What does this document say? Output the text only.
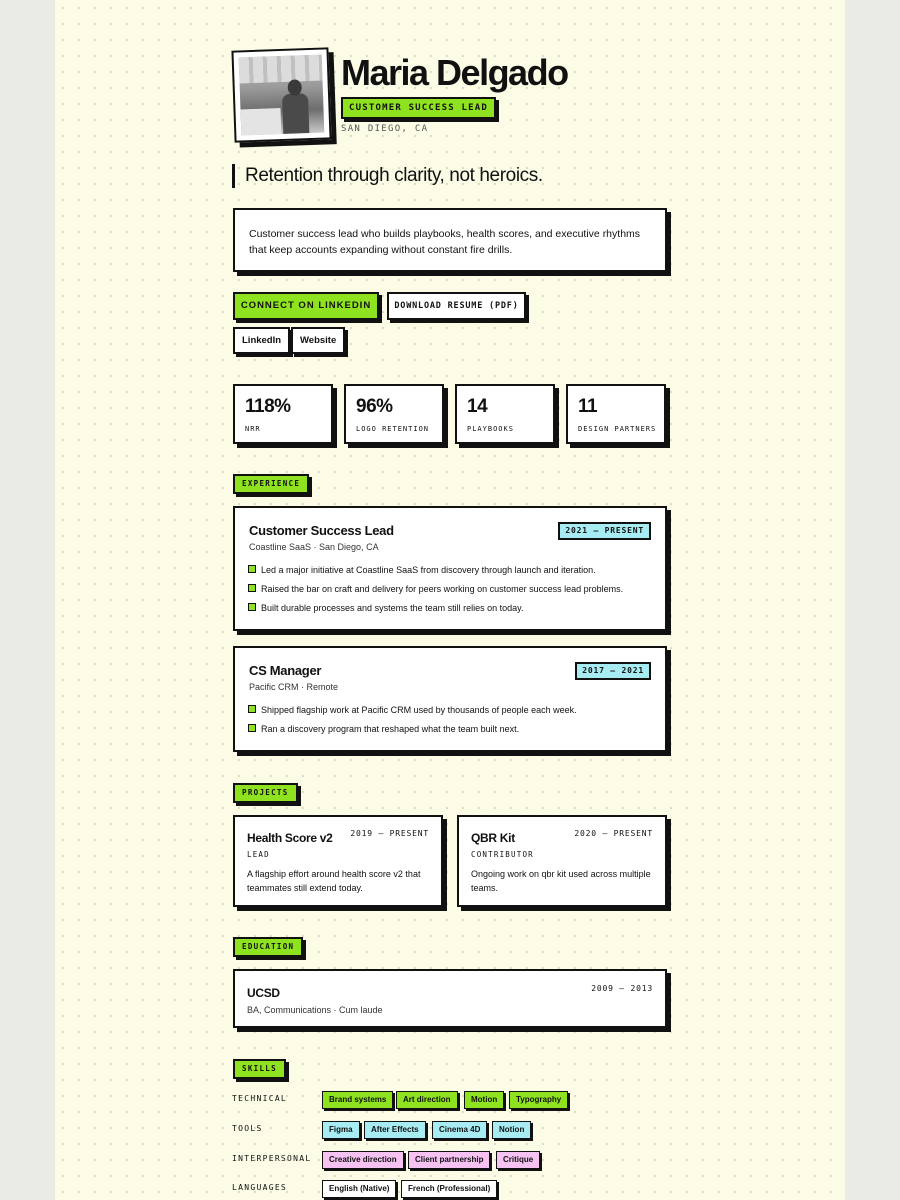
Maria Delgado
CUSTOMER SUCCESS LEAD
SAN DIEGO, CA
Retention through clarity, not heroics.
Customer success lead who builds playbooks, health scores, and executive rhythms that keep accounts expanding without constant fire drills.
CONNECT ON LINKEDIN	DOWNLOAD RESUME (PDF)
LinkedIn	Website
118%
NRR
96%
LOGO RETENTION
14
PLAYBOOKS
11
DESIGN PARTNERS
EXPERIENCE
Customer Success Lead
Coastline SaaS · San Diego, CA
2021 — PRESENT
Led a major initiative at Coastline SaaS from discovery through launch and iteration.
Raised the bar on craft and delivery for peers working on customer success lead problems.
Built durable processes and systems the team still relies on today.
CS Manager
Pacific CRM · Remote
2017 — 2021
Shipped flagship work at Pacific CRM used by thousands of people each week.
Ran a discovery program that reshaped what the team built next.
PROJECTS
Health Score v2 2019 — PRESENT
LEAD
A flagship effort around health score v2 that teammates still extend today.
QBR Kit	2020 — PRESENT
CONTRIBUTOR
Ongoing work on qbr kit used across multiple teams.
EDUCATION
UCSD	2009 — 2013
BA, Communications · Cum laude
SKILLS
TECHNICAL	Brand systems	Art direction	Motion	Typography
TOOLS	Figma	After Effects	Cinema 4D	Notion
INTERPERSONAL	Creative direction	Client partnership	Critique
LANGUAGES	English (Native)	French (Professional)
